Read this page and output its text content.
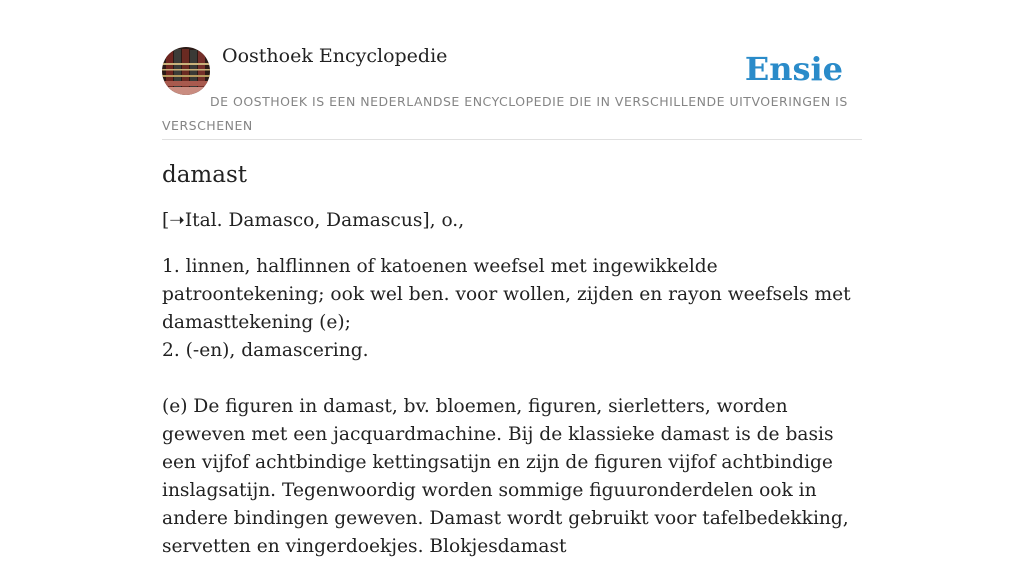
Oosthoek Encyclopedie	Ensie
DE OOSTHOEK IS EEN NEDERLANDSE ENCYCLOPEDIE DIE IN VERSCHILLENDE UITVOERINGEN IS VERSCHENEN
damast

[➝Ital. Damasco, Damascus], o.,

1. linnen, halflinnen of katoenen weefsel met ingewikkelde patroontekening; ook wel ben. voor wollen, zijden en rayon weefsels met damasttekening (e);
2. (-en), damascering.
(e) De figuren in damast, bv. bloemen, figuren, sierletters, worden geweven met een jacquardmachine. Bij de klassieke damast is de basis een vijfof achtbindige kettingsatijn en zijn de figuren vijfof achtbindige inslagsatijn. Tegenwoordig worden sommige figuuronderdelen ook in andere bindingen geweven. Damast wordt gebruikt voor tafelbedekking, servetten en vingerdoekjes. Blokjesdamast
